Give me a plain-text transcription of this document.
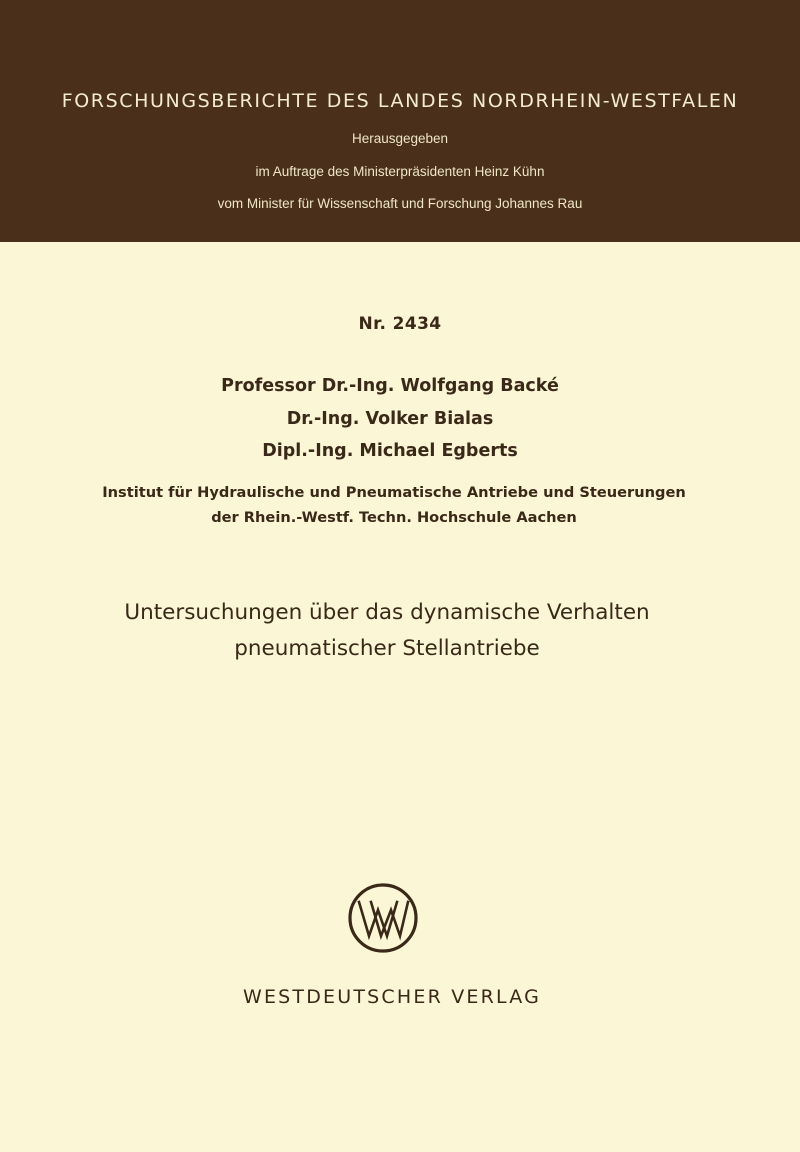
FORSCHUNGSBERICHTE DES LANDES NORDRHEIN-WESTFALEN
Herausgegeben
im Auftrage des Ministerpräsidenten Heinz Kühn
vom Minister für Wissenschaft und Forschung Johannes Rau
Nr. 2434
Professor Dr.-Ing. Wolfgang Backé
Dr.-Ing. Volker Bialas
Dipl.-Ing. Michael Egberts
Institut für Hydraulische und Pneumatische Antriebe und Steuerungen
der Rhein.-Westf. Techn. Hochschule Aachen
Untersuchungen über das dynamische Verhalten
pneumatischer Stellantriebe
WESTDEUTSCHER VERLAG
